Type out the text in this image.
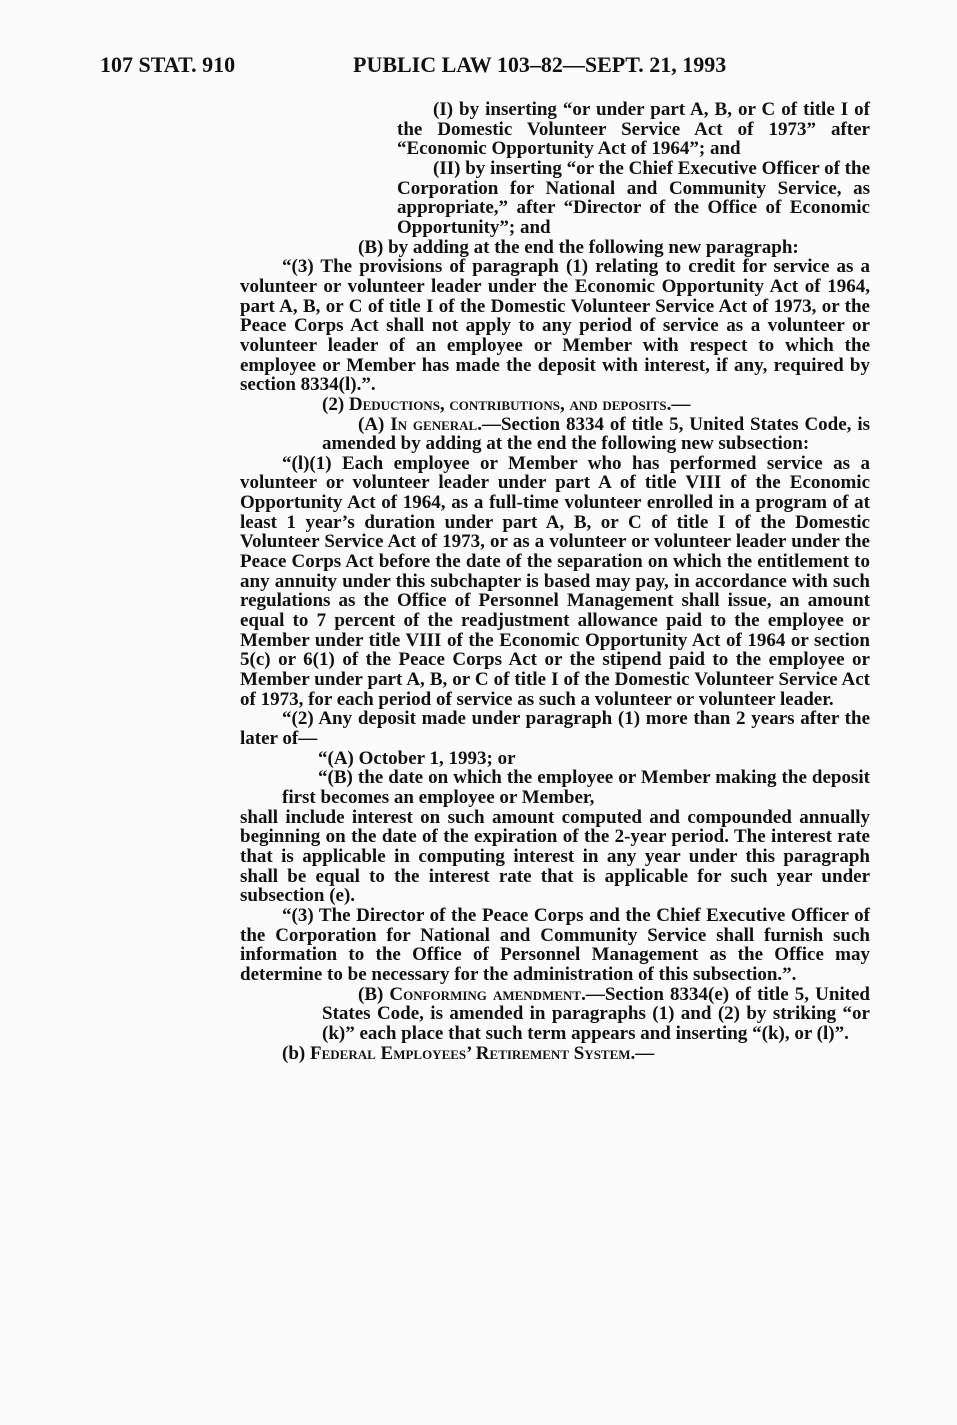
107 STAT. 910	PUBLIC LAW 103–82—SEPT. 21, 1993

(I) by inserting “or under part A, B, or C of title I of the Domestic Volunteer Service Act of 1973” after “Economic Opportunity Act of 1964”; and

(II) by inserting “or the Chief Executive Officer of the Corporation for National and Community Service, as appropriate,” after “Director of the Office of Economic Opportunity”; and

(B) by adding at the end the following new paragraph:

“(3) The provisions of paragraph (1) relating to credit for service as a volunteer or volunteer leader under the Economic Opportunity Act of 1964, part A, B, or C of title I of the Domestic Volunteer Service Act of 1973, or the Peace Corps Act shall not apply to any period of service as a volunteer or volunteer leader of an employee or Member with respect to which the employee or Member has made the deposit with interest, if any, required by section 8334(l).”.

(2) Deductions, contributions, and deposits.—

(A) In general.—Section 8334 of title 5, United States Code, is amended by adding at the end the following new subsection:

“(l)(1) Each employee or Member who has performed service as a volunteer or volunteer leader under part A of title VIII of the Economic Opportunity Act of 1964, as a full-time volunteer enrolled in a program of at least 1 year’s duration under part A, B, or C of title I of the Domestic Volunteer Service Act of 1973, or as a volunteer or volunteer leader under the Peace Corps Act before the date of the separation on which the entitlement to any annuity under this subchapter is based may pay, in accordance with such regulations as the Office of Personnel Management shall issue, an amount equal to 7 percent of the readjustment allowance paid to the employee or Member under title VIII of the Economic Opportunity Act of 1964 or section 5(c) or 6(1) of the Peace Corps Act or the stipend paid to the employee or Member under part A, B, or C of title I of the Domestic Volunteer Service Act of 1973, for each period of service as such a volunteer or volunteer leader.

“(2) Any deposit made under paragraph (1) more than 2 years after the later of—

“(A) October 1, 1993; or

“(B) the date on which the employee or Member making the deposit first becomes an employee or Member,

shall include interest on such amount computed and compounded annually beginning on the date of the expiration of the 2-year period. The interest rate that is applicable in computing interest in any year under this paragraph shall be equal to the interest rate that is applicable for such year under subsection (e).

“(3) The Director of the Peace Corps and the Chief Executive Officer of the Corporation for National and Community Service shall furnish such information to the Office of Personnel Management as the Office may determine to be necessary for the administration of this subsection.”.

(B) Conforming amendment.—Section 8334(e) of title 5, United States Code, is amended in paragraphs (1) and (2) by striking “or (k)” each place that such term appears and inserting “(k), or (l)”.

(b) Federal Employees’ Retirement System.—
